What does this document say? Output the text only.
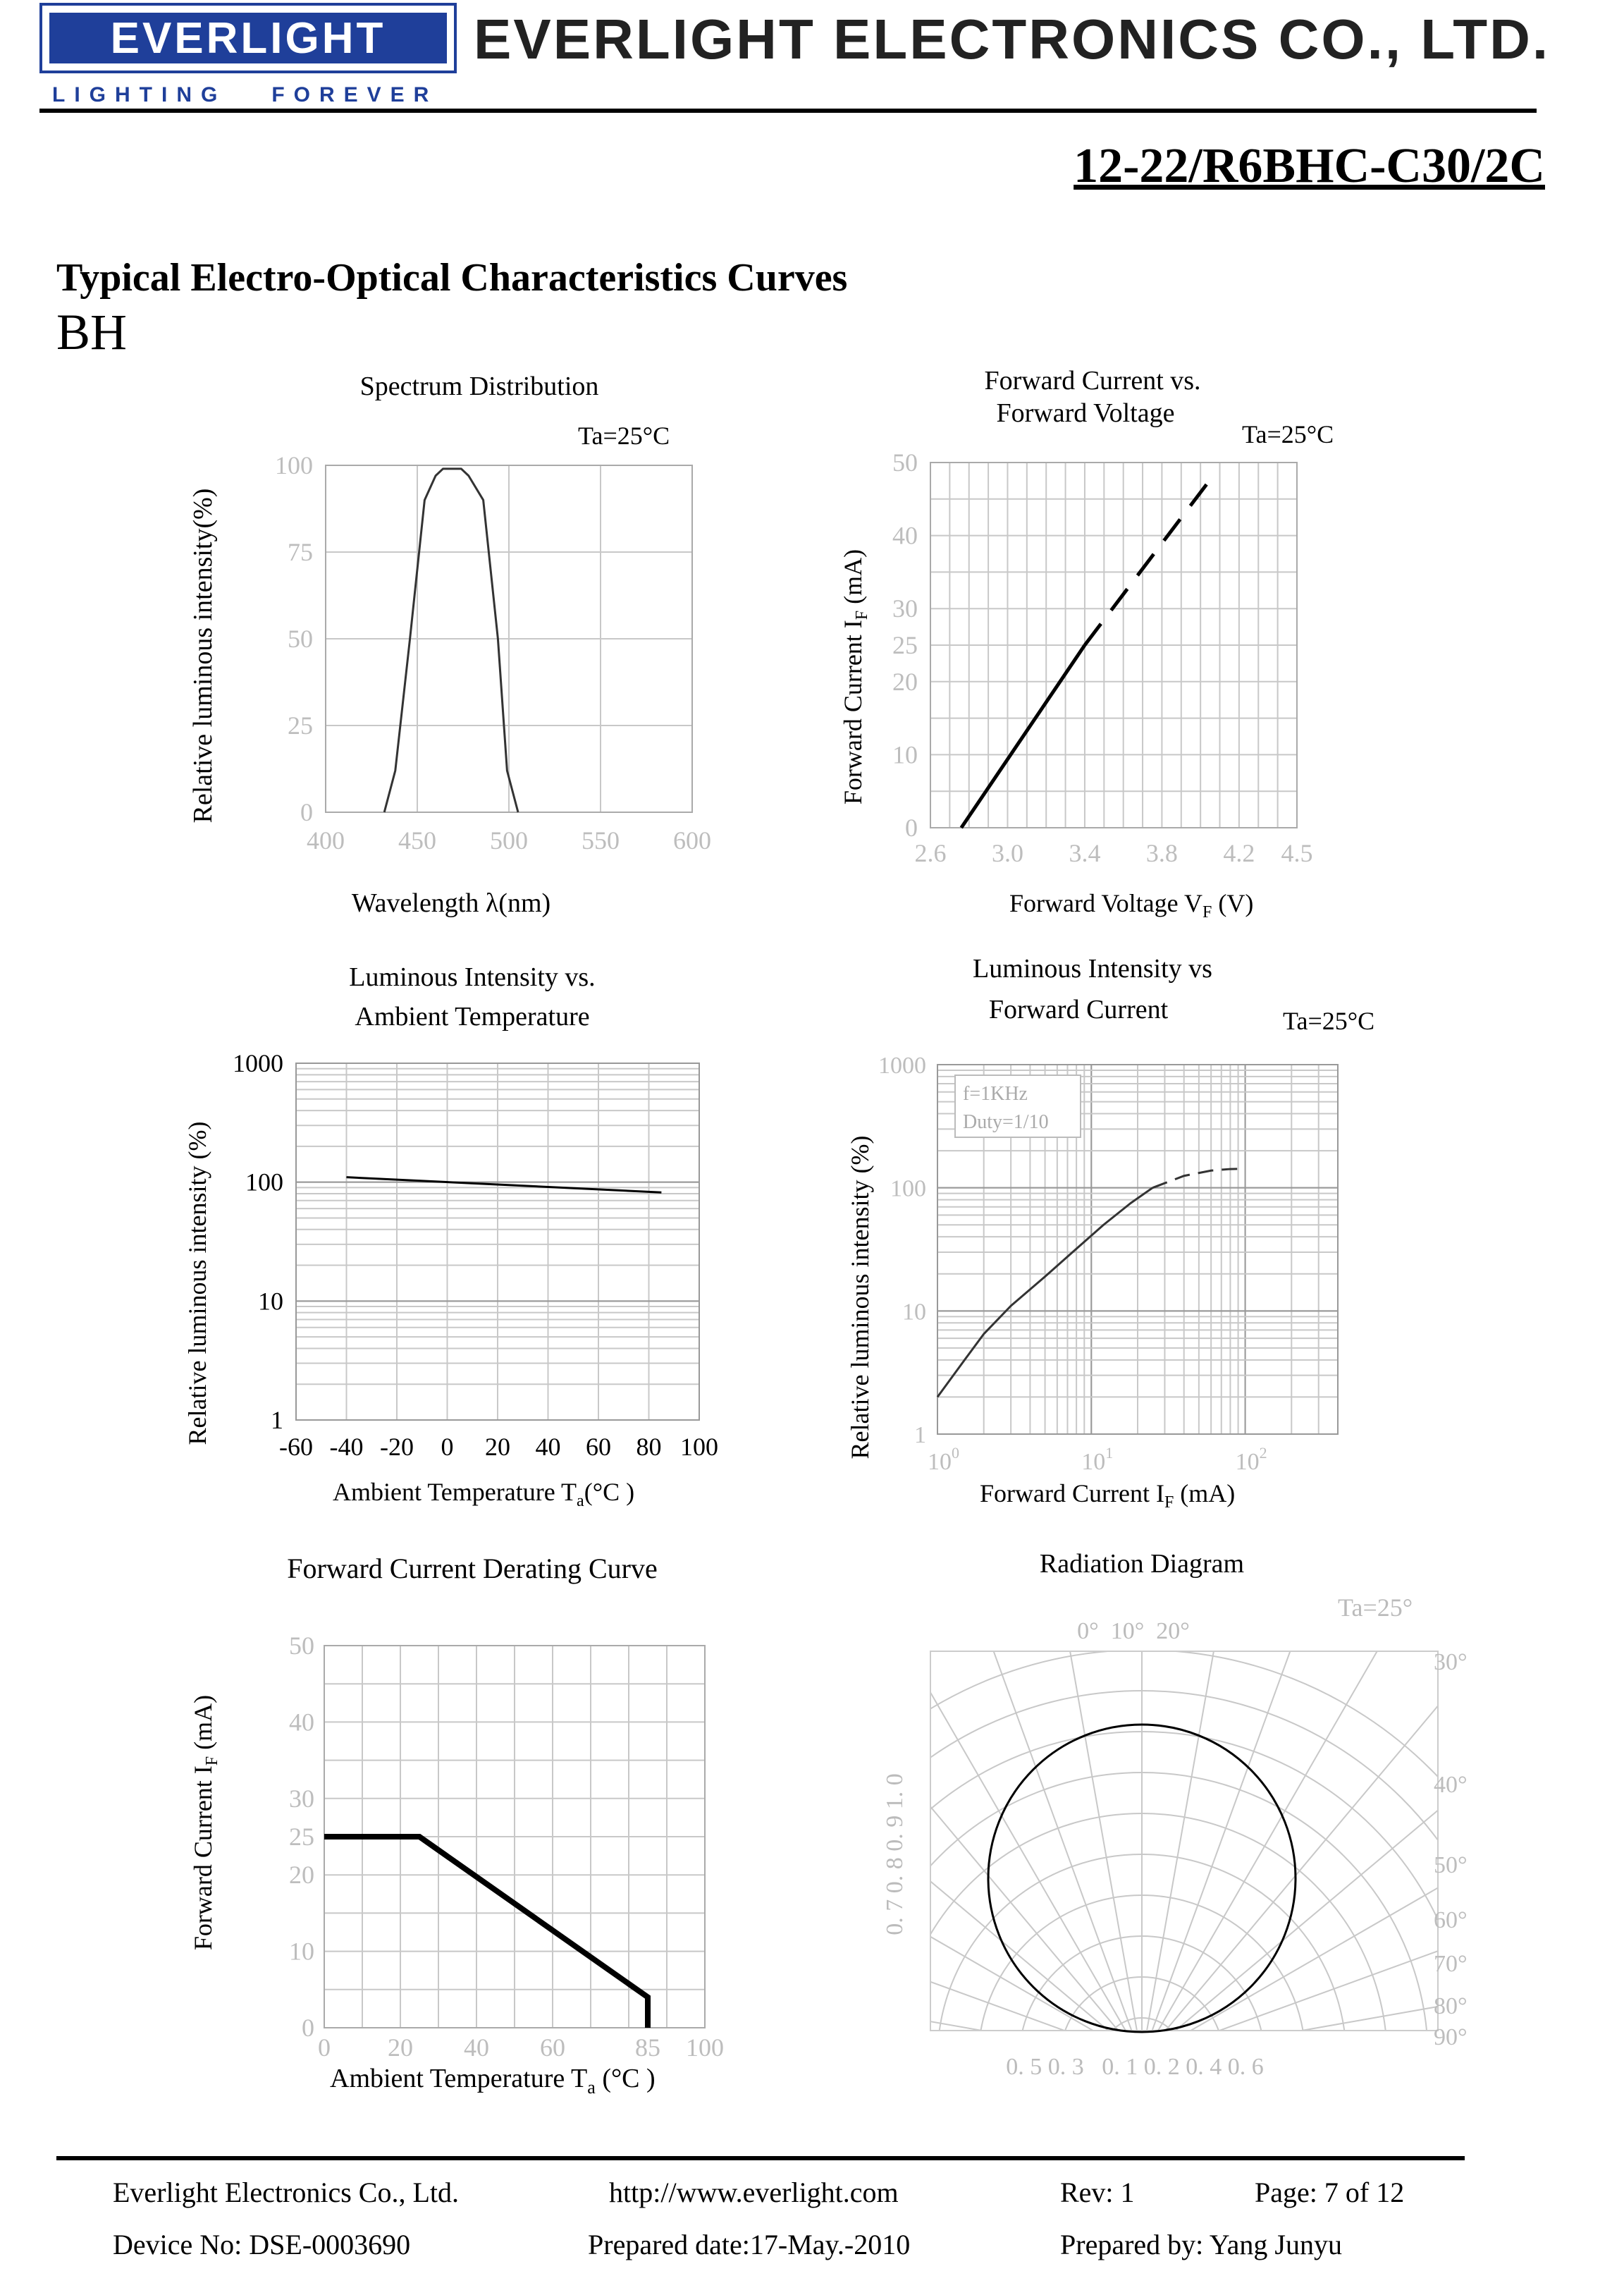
EVERLIGHT
LIGHTING   FOREVER
EVERLIGHT ELECTRONICS CO., LTD.
12-22/R6BHC-C30/2C
Typical Electro-Optical Characteristics Curves
BH
Spectrum Distribution
Ta=25°C
400 450 500 550 600
0
25
50
75
100
Wavelength λ(nm)
Relative luminous intensity(%)
Forward Current vs.
Forward Voltage
Ta=25°C
2.6 3.0 3.4 3.8 4.2 4.5
0
10
20
25
30
40
50
Forward Voltage $V_F$ (V)
Forward Current $I_F$ (mA)
Luminous Intensity vs.
Ambient Temperature
-60 -40 -20 0 20 40 60 80 100
1
10
100
1000
Ambient Temperature $T_a(^\circ C$ )
Relative luminous intensity (%)
Luminous Intensity vs
Forward Current	Ta=25°C
f=1KHz
Duty=1/10
$10^0$	$10^1$	$10^2$
1
10
100
1000
Forward Current $I_F$ (mA)
Relative luminous intensity (%)
Forward Current Derating Curve
0 20 40 60	85 100
0
10
20
25
30
40
50
Ambient Temperature $T_a$ (°C )
Forward Current $I_F$ (mA)
Radiation Diagram
Ta=25°
0°  10°  20°
30°
40°
50°
60°
70°
80°
90°
0. 7 0. 8 0. 9 1. 0
0. 5 0. 3   0. 1 0. 2 0. 4 0. 6
Everlight Electronics Co., Ltd.	http://www.everlight.com	Rev: 1	Page: 7 of 12
Device No: DSE-0003690	Prepared date:17-May.-2010	Prepared by: Yang Junyu
